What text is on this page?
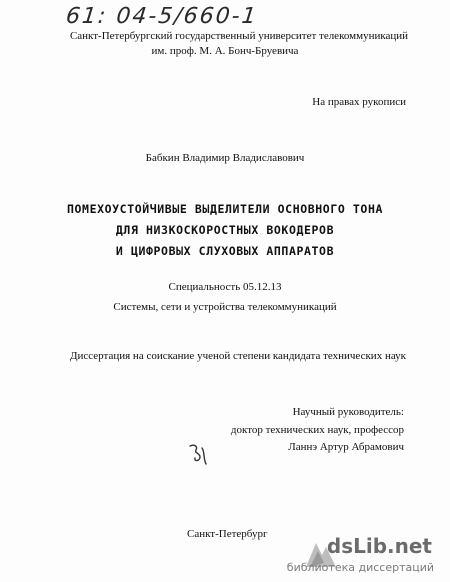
61: 04-5/660-1
Санкт-Петербургский государственный университет телекоммуникаций
им. проф. М. А. Бонч-Бруевича
На правах рукописи
Бабкин Владимир Владиславович
ПОМЕХОУСТОЙЧИВЫЕ ВЫДЕЛИТЕЛИ ОСНОВНОГО ТОНА
ДЛЯ НИЗКОСКОРОСТНЫХ ВОКОДЕРОВ
И ЦИФРОВЫХ СЛУХОВЫХ АППАРАТОВ
Специальность 05.12.13
Системы, сети и устройства телекоммуникаций
Диссертация на соискание ученой степени кандидата технических наук
Научный руководитель:
доктор технических наук, профессор
Ланнэ Артур Абрамович
Санкт-Петербург	dsLib.net
библиотека диссертаций
